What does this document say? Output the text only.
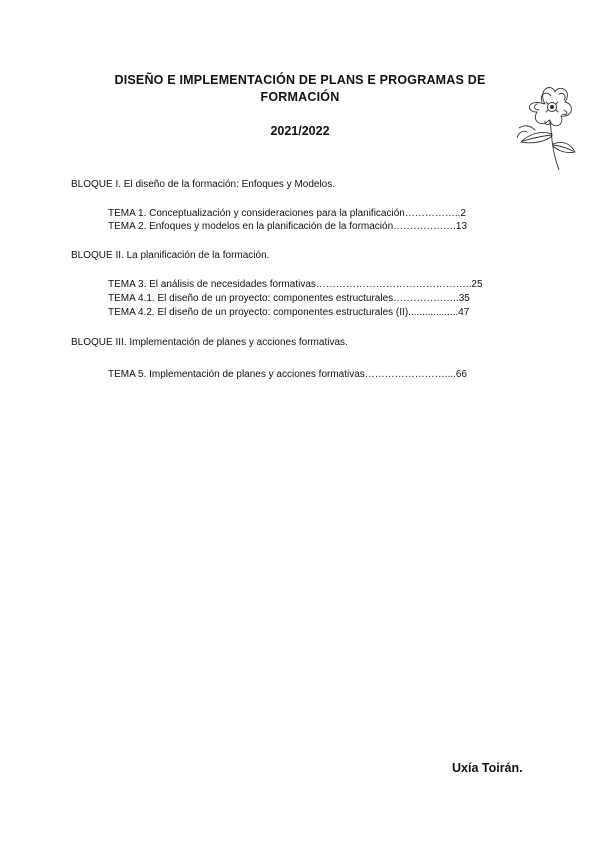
DISEÑO E IMPLEMENTACIÓN DE PLANS E PROGRAMAS DE FORMACIÓN
2021/2022
BLOQUE I. El diseño de la formación: Enfoques y Modelos.
TEMA 1. Conceptualización y consideraciones para la planificación……………..2
TEMA 2. Enfoques y modelos en la planificación de la formación……………….13
BLOQUE II. La planificación de la formación.
TEMA 3. El análisis de necesidades formativas………………………………………..25
TEMA 4.1. El diseño de un proyecto: componentes estructurales………………..35
TEMA 4.2. El diseño de un proyecto: componentes estructurales (II)..................47
BLOQUE III. Implementación de planes y acciones formativas.
TEMA 5. Implementación de planes y acciones formativas……………………....66
Uxía Toirán.
